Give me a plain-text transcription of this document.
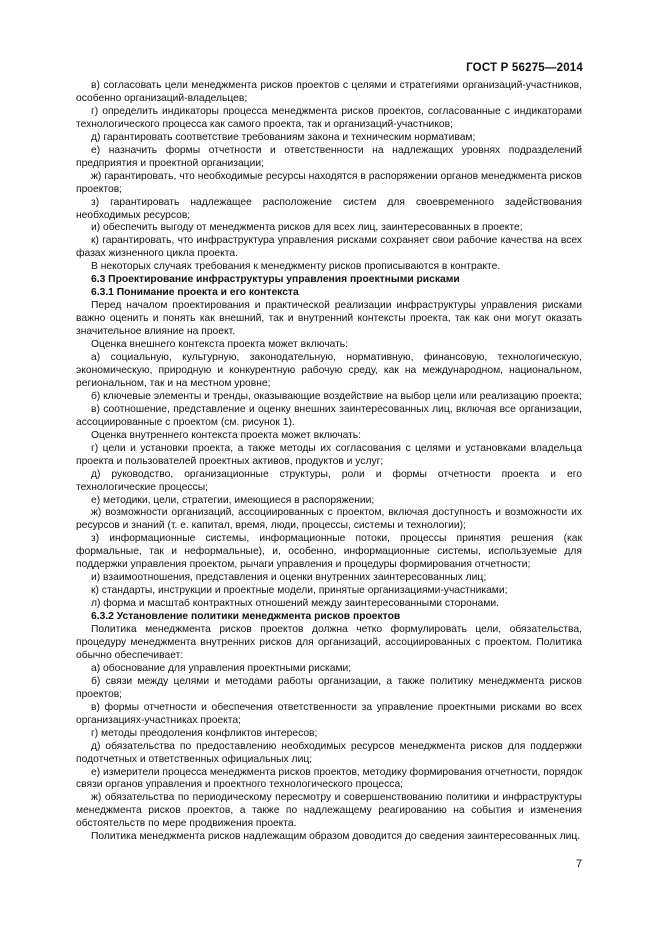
ГОСТ Р 56275—2014

в) согласовать цели менеджмента рисков проектов с целями и стратегиями организаций-участников, особенно организаций-владельцев;

г) определить индикаторы процесса менеджмента рисков проектов, согласованные с индикаторами технологического процесса как самого проекта, так и организаций-участников;

д) гарантировать соответствие требованиям закона и техническим нормативам;

е) назначить формы отчетности и ответственности на надлежащих уровнях подразделений предприятия и проектной организации;

ж) гарантировать, что необходимые ресурсы находятся в распоряжении органов менеджмента рисков проектов;

з) гарантировать надлежащее расположение систем для своевременного задействования необходимых ресурсов;

и) обеспечить выгоду от менеджмента рисков для всех лиц, заинтересованных в проекте;

к) гарантировать, что инфраструктура управления рисками сохраняет свои рабочие качества на всех фазах жизненного цикла проекта.

В некоторых случаях требования к менеджменту рисков прописываются в контракте.

6.3 Проектирование инфраструктуры управления проектными рисками

6.3.1 Понимание проекта и его контекста

Перед началом проектирования и практической реализации инфраструктуры управления рисками важно оценить и понять как внешний, так и внутренний контексты проекта, так как они могут оказать значительное влияние на проект.

Оценка внешнего контекста проекта может включать:

а) социальную, культурную, законодательную, нормативную, финансовую, технологическую, экономическую, природную и конкурентную рабочую среду, как на международном, национальном, региональном, так и на местном уровне;

б) ключевые элементы и тренды, оказывающие воздействие на выбор цели или реализацию проекта;

в) соотношение, представление и оценку внешних заинтересованных лиц, включая все организации, ассоциированные с проектом (см. рисунок 1).

Оценка внутреннего контекста проекта может включать:

г) цели и установки проекта, а также методы их согласования с целями и установками владельца проекта и пользователей проектных активов, продуктов и услуг;

д) руководство, организационные структуры, роли и формы отчетности проекта и его технологические процессы;

е) методики, цели, стратегии, имеющиеся в распоряжении;

ж) возможности организаций, ассоциированных с проектом, включая доступность и возможности их ресурсов и знаний (т. е. капитал, время, люди, процессы, системы и технологии);

з) информационные системы, информационные потоки, процессы принятия решения (как формальные, так и неформальные), и, особенно, информационные системы, используемые для поддержки управления проектом, рычаги управления и процедуры формирования отчетности;

и) взаимоотношения, представления и оценки внутренних заинтересованных лиц;

к) стандарты, инструкции и проектные модели, принятые организациями-участниками;

л) форма и масштаб контрактных отношений между заинтересованными сторонами.

6.3.2 Установление политики менеджмента рисков проектов

Политика менеджмента рисков проектов должна четко формулировать цели, обязательства, процедуру менеджмента внутренних рисков для организаций, ассоциированных с проектом. Политика обычно обеспечивает:

а) обоснование для управления проектными рисками;

б) связи между целями и методами работы организации, а также политику менеджмента рисков проектов;

в) формы отчетности и обеспечения ответственности за управление проектными рисками во всех организациях-участниках проекта;

г) методы преодоления конфликтов интересов;

д) обязательства по предоставлению необходимых ресурсов менеджмента рисков для поддержки подотчетных и ответственных официальных лиц;

е) измерители процесса менеджмента рисков проектов, методику формирования отчетности, порядок связи органов управления и проектного технологического процесса;

ж) обязательства по периодическому пересмотру и совершенствованию политики и инфраструктуры менеджмента рисков проектов, а также по надлежащему реагированию на события и изменения обстоятельств по мере продвижения проекта.

Политика менеджмента рисков надлежащим образом доводится до сведения заинтересованных лиц.

7
